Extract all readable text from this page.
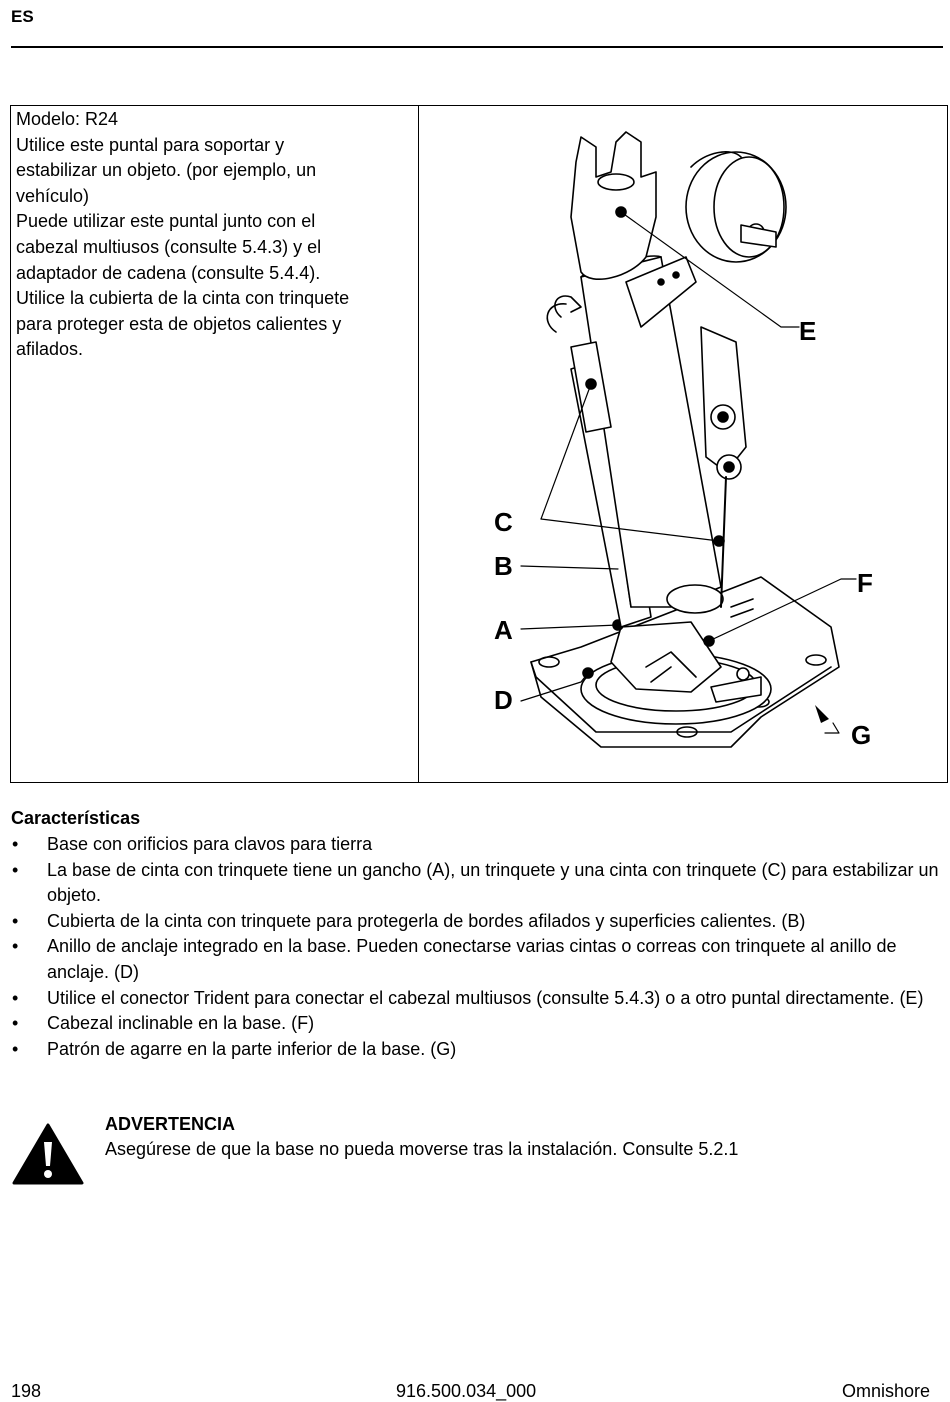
ES
Modelo: R24
Utilice este puntal para soportar y
estabilizar un objeto. (por ejemplo, un
vehículo)
Puede utilizar este puntal junto con el
cabezal multiusos (consulte 5.4.3) y el
adaptador de cadena (consulte 5.4.4).
Utilice la cubierta de la cinta con trinquete
para proteger esta de objetos calientes y
afilados.
E
C
B
F
A
D
G
Características
• Base con orificios para clavos para tierra
• La base de cinta con trinquete tiene un gancho (A), un trinquete y una cinta con trinquete (C) para estabilizar un objeto.
• Cubierta de la cinta con trinquete para protegerla de bordes afilados y superficies calientes. (B)
• Anillo de anclaje integrado en la base. Pueden conectarse varias cintas o correas con trinquete al anillo de anclaje. (D)
• Utilice el conector Trident para conectar el cabezal multiusos (consulte 5.4.3) o a otro puntal directamente. (E)
• Cabezal inclinable en la base. (F)
• Patrón de agarre en la parte inferior de la base. (G)
ADVERTENCIA
Asegúrese de que la base no pueda moverse tras la instalación. Consulte 5.2.1
198	916.500.034_000	Omnishore
